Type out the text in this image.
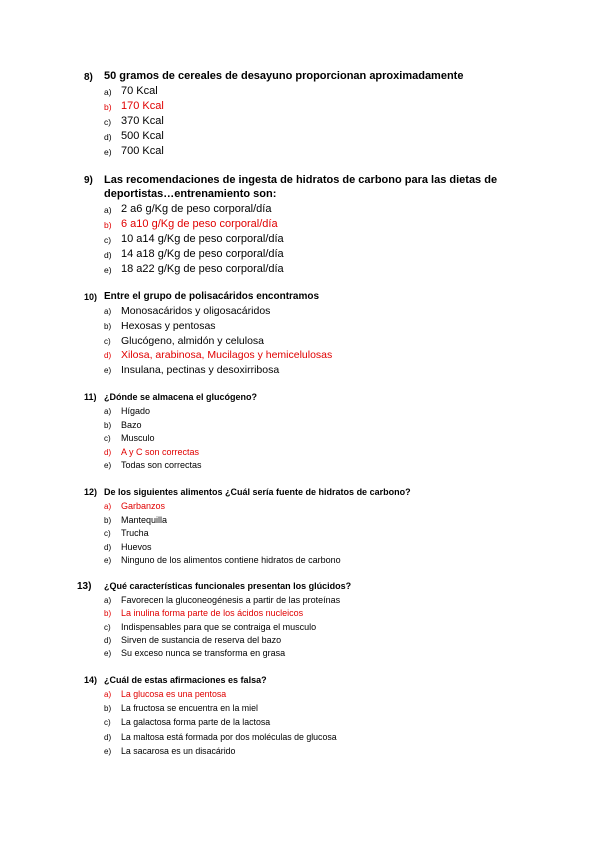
8) 50 gramos de cereales de desayuno proporcionan aproximadamente
a) 70 Kcal
b) 170 Kcal
c) 370 Kcal
d) 500 Kcal
e) 700 Kcal
9) Las recomendaciones de ingesta de hidratos de carbono para las dietas de deportistas…entrenamiento son:
a) 2 a6 g/Kg de peso corporal/día
b) 6 a10 g/Kg de peso corporal/día
c) 10 a14 g/Kg de peso corporal/día
d) 14 a18 g/Kg de peso corporal/día
e) 18 a22 g/Kg de peso corporal/día
10) Entre el grupo de polisacáridos encontramos
a) Monosacáridos y oligosacáridos
b) Hexosas y pentosas
c) Glucógeno, almidón y celulosa
d) Xilosa, arabinosa, Mucilagos y hemicelulosas
e) Insulana, pectinas y desoxirribosa
11) ¿Dónde se almacena el glucógeno?
a) Hígado
b) Bazo
c) Musculo
d) A y C son correctas
e) Todas son correctas
12) De los siguientes alimentos ¿Cuál sería fuente de hidratos de carbono?
a) Garbanzos
b) Mantequilla
c) Trucha
d) Huevos
e) Ninguno de los alimentos contiene hidratos de carbono
13) ¿Qué características funcionales presentan los glúcidos?
a) Favorecen la gluconeogénesis a partir de las proteínas
b) La inulina forma parte de los ácidos nucleicos
c) Indispensables para que se contraiga el musculo
d) Sirven de sustancia de reserva del bazo
e) Su exceso nunca se transforma en grasa
14) ¿Cuál de estas afirmaciones es falsa?
a) La glucosa es una pentosa
b) La fructosa se encuentra en la miel
c) La galactosa forma parte de la lactosa
d) La maltosa está formada por dos moléculas de glucosa
e) La sacarosa es un disacárido
